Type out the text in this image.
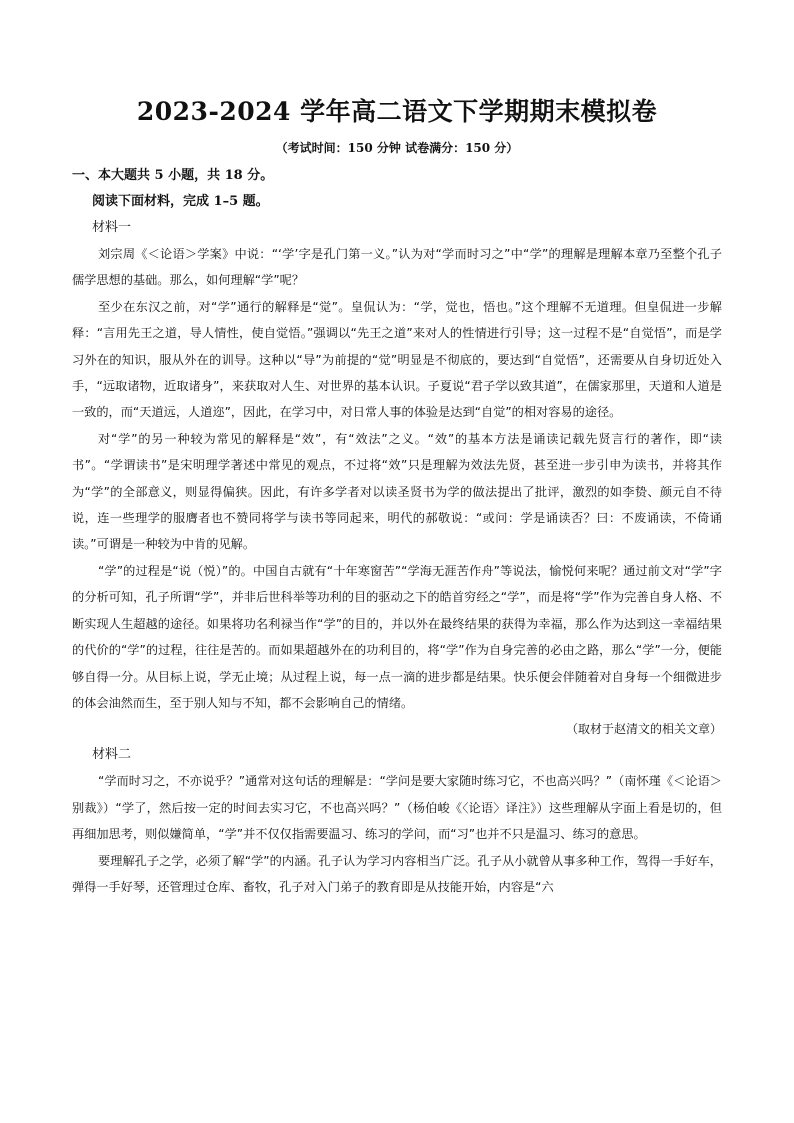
2023-2024 学年高二语文下学期期末模拟卷
（考试时间：150 分钟 试卷满分：150 分）
一、本大题共 5 小题，共 18 分。
阅读下面材料，完成 1–5 题。
材料一

刘宗周《＜论语＞学案》中说：“‘学’字是孔门第一义。”认为对“学而时习之”中“学”的理解是理解本章乃至整个孔子儒学思想的基础。那么，如何理解“学”呢？

至少在东汉之前，对“学”通行的解释是“觉”。皇侃认为：“学，觉也，悟也。”这个理解不无道理。但皇侃进一步解释：“言用先王之道，导人情性，使自觉悟。”强调以“先王之道”来对人的性情进行引导；这一过程不是“自觉悟”，而是学习外在的知识，服从外在的训导。这种以“导”为前提的“觉”明显是不彻底的，要达到“自觉悟”，还需要从自身切近处入手，“远取诸物，近取诸身”，来获取对人生、对世界的基本认识。子夏说“君子学以致其道”，在儒家那里，天道和人道是一致的，而“天道远，人道迩”，因此，在学习中，对日常人事的体验是达到“自觉”的相对容易的途径。

对“学”的另一种较为常见的解释是“效”，有“效法”之义。“效”的基本方法是诵读记载先贤言行的著作，即“读书”。“学谓读书”是宋明理学著述中常见的观点，不过将“效”只是理解为效法先贤，甚至进一步引申为读书，并将其作为“学”的全部意义，则显得偏狭。因此，有许多学者对以读圣贤书为学的做法提出了批评，激烈的如李贽、颜元自不待说，连一些理学的服膺者也不赞同将学与读书等同起来，明代的郝敬说：“或问：学是诵读否？曰：不废诵读，不倚诵读。”可谓是一种较为中肯的见解。

“学”的过程是“说（悦）”的。中国自古就有“十年寒窗苦”“学海无涯苦作舟”等说法，愉悦何来呢？通过前文对“学”字的分析可知，孔子所谓“学”，并非后世科举等功利的目的驱动之下的皓首穷经之“学”，而是将“学”作为完善自身人格、不断实现人生超越的途径。如果将功名利禄当作“学”的目的，并以外在最终结果的获得为幸福，那么作为达到这一幸福结果的代价的“学”的过程，往往是苦的。而如果超越外在的功利目的，将“学”作为自身完善的必由之路，那么“学”一分，便能够自得一分。从目标上说，学无止境；从过程上说，每一点一滴的进步都是结果。快乐便会伴随着对自身每一个细微进步的体会油然而生，至于别人知与不知，都不会影响自己的情绪。

（取材于赵清文的相关文章）
材料二

“学而时习之，不亦说乎？”通常对这句话的理解是：“学问是要大家随时练习它，不也高兴吗？”（南怀瑾《＜论语＞别裁》）“学了，然后按一定的时间去实习它，不也高兴吗？”（杨伯峻《〈论语〉译注》）这些理解从字面上看是切的，但再细加思考，则似嫌简单，“学”并不仅仅指需要温习、练习的学问，而“习”也并不只是温习、练习的意思。

要理解孔子之学，必须了解“学”的内涵。孔子认为学习内容相当广泛。孔子从小就曾从事多种工作，驾得一手好车，弹得一手好琴，还管理过仓库、畜牧，孔子对入门弟子的教育即是从技能开始，内容是“六
